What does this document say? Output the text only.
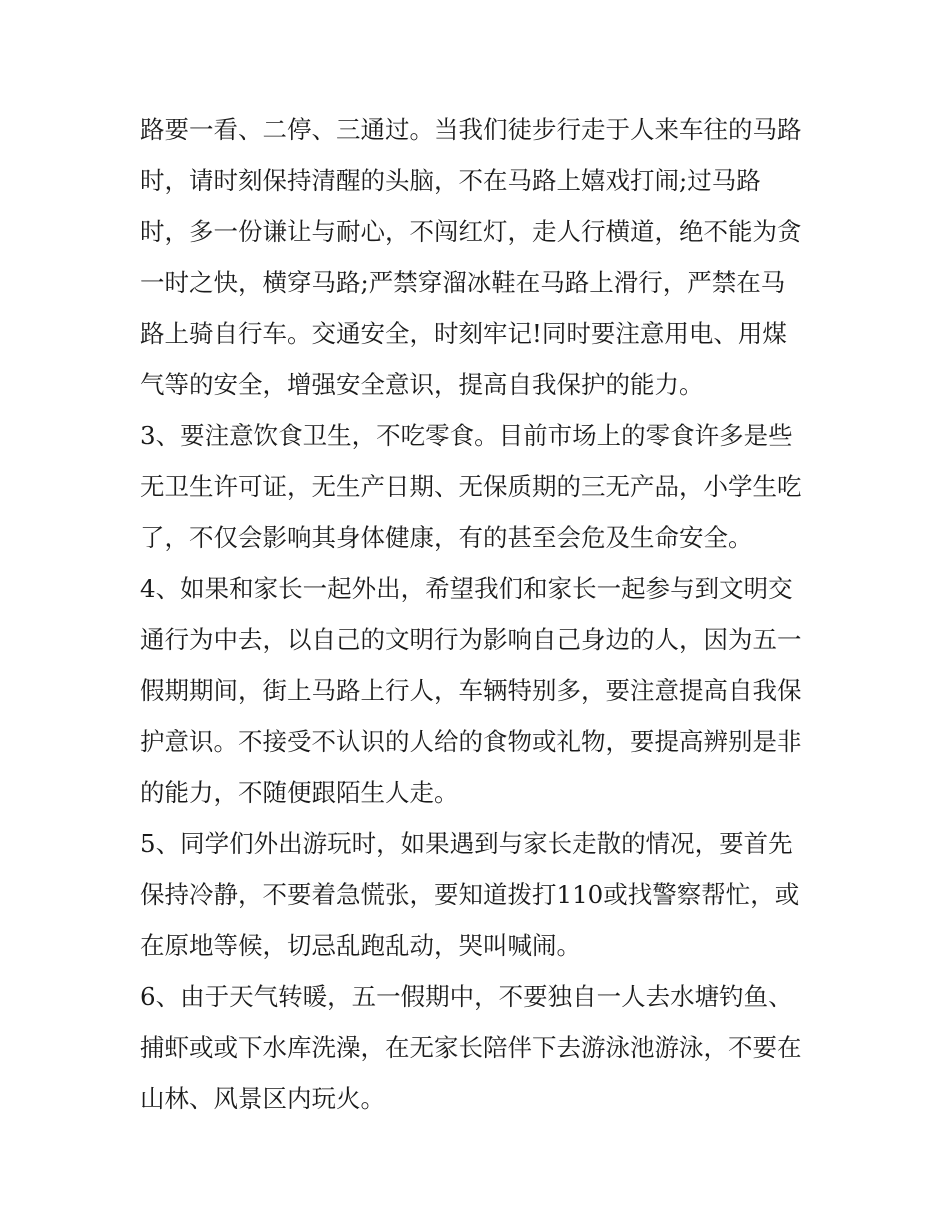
路要一看、二停、三通过。当我们徒步行走于人来车往的马路
时，请时刻保持清醒的头脑，不在马路上嬉戏打闹;过马路
时，多一份谦让与耐心，不闯红灯，走人行横道，绝不能为贪
一时之快，横穿马路;严禁穿溜冰鞋在马路上滑行，严禁在马
路上骑自行车。交通安全，时刻牢记!同时要注意用电、用煤
气等的安全，增强安全意识，提高自我保护的能力。
3、要注意饮食卫生，不吃零食。目前市场上的零食许多是些
无卫生许可证，无生产日期、无保质期的三无产品，小学生吃
了，不仅会影响其身体健康，有的甚至会危及生命安全。
4、如果和家长一起外出，希望我们和家长一起参与到文明交
通行为中去，以自己的文明行为影响自己身边的人，因为五一
假期期间，街上马路上行人，车辆特别多，要注意提高自我保
护意识。不接受不认识的人给的食物或礼物，要提高辨别是非
的能力，不随便跟陌生人走。
5、同学们外出游玩时，如果遇到与家长走散的情况，要首先
保持冷静，不要着急慌张，要知道拨打110或找警察帮忙，或
在原地等候，切忌乱跑乱动，哭叫喊闹。
6、由于天气转暖，五一假期中，不要独自一人去水塘钓鱼、
捕虾或或下水库洗澡，在无家长陪伴下去游泳池游泳，不要在
山林、风景区内玩火。
